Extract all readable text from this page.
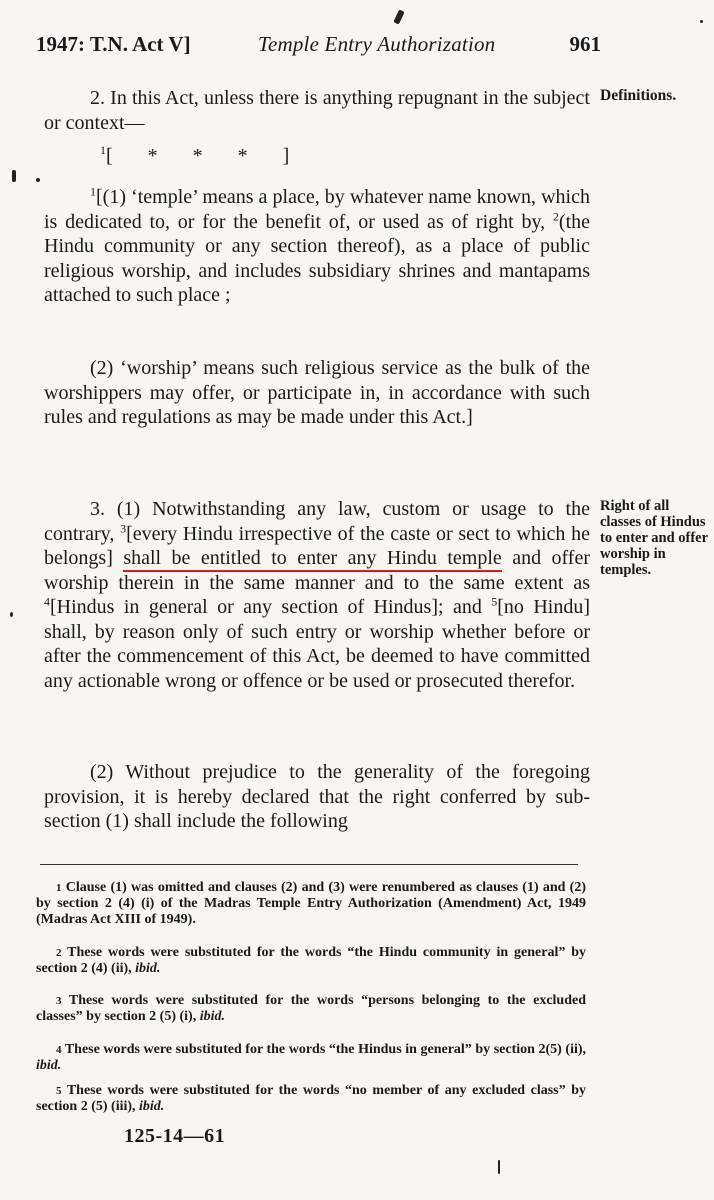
1947: T.N. Act V]	Temple Entry Authorization	961
Definitions.
2. In this Act, unless there is anything repugnant in the subject or context—
1[ * * * ]
$^1$[(1) ‘temple’ means a place, by whatever name known, which is dedicated to, or for the benefit of, or used as of right by, $^2$(the Hindu community or any section thereof), as a place of public religious worship, and includes subsidiary shrines and mantapams attached to such place ;
(2) ‘worship’ means such religious service as the bulk of the worshippers may offer, or participate in, in accordance with such rules and regulations as may be made under this Act.]
Right of all classes of Hindus to enter and offer worship in temples.
3. (1) Notwithstanding any law, custom or usage to the contrary, $^3$[every Hindu irrespective of the caste or sect to which he belongs] shall be entitled to enter any Hindu temple and offer worship therein in the same manner and to the same extent as $^4$[Hindus in general or any section of Hindus]; and $^5$[no Hindu] shall, by reason only of such entry or worship whether before or after the commencement of this Act, be deemed to have committed any actionable wrong or offence or be used or prosecuted therefor.
(2) Without prejudice to the generality of the foregoing provision, it is hereby declared that the right conferred by sub-section (1) shall include the following
1 Clause (1) was omitted and clauses (2) and (3) were renumbered as clauses (1) and (2) by section 2 (4) (i) of the Madras Temple Entry Authorization (Amendment) Act, 1949 (Madras Act XIII of 1949).
2 These words were substituted for the words “the Hindu community in general” by section 2 (4) (ii), ibid.
3 These words were substituted for the words “persons belonging to the excluded classes” by section 2 (5) (i), ibid.
4 These words were substituted for the words “the Hindus in general” by section 2(5) (ii), ibid.
5 These words were substituted for the words “no member of any excluded class” by section 2 (5) (iii), ibid.
125-14—61
